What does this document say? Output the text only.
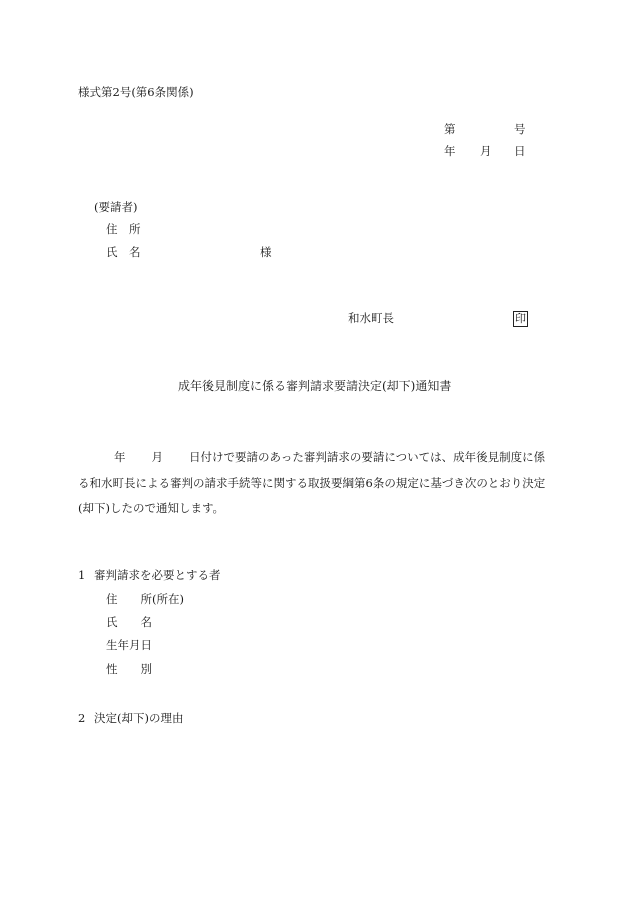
様式第2号(第6条関係)
第	号
年 月 日
(要請者)
住　所
氏　名	様
和水町長	印
成年後見制度に係る審判請求要請決定(却下)通知書
年 月 日付けで要請のあった審判請求の要請については、成年後見制度に係る和水町長による審判の請求手続等に関する取扱要綱第6条の規定に基づき次のとおり決定(却下)したので通知します。
1 審判請求を必要とする者
住　　所(所在)
氏　　名
生年月日
性　　別
2 決定(却下)の理由
